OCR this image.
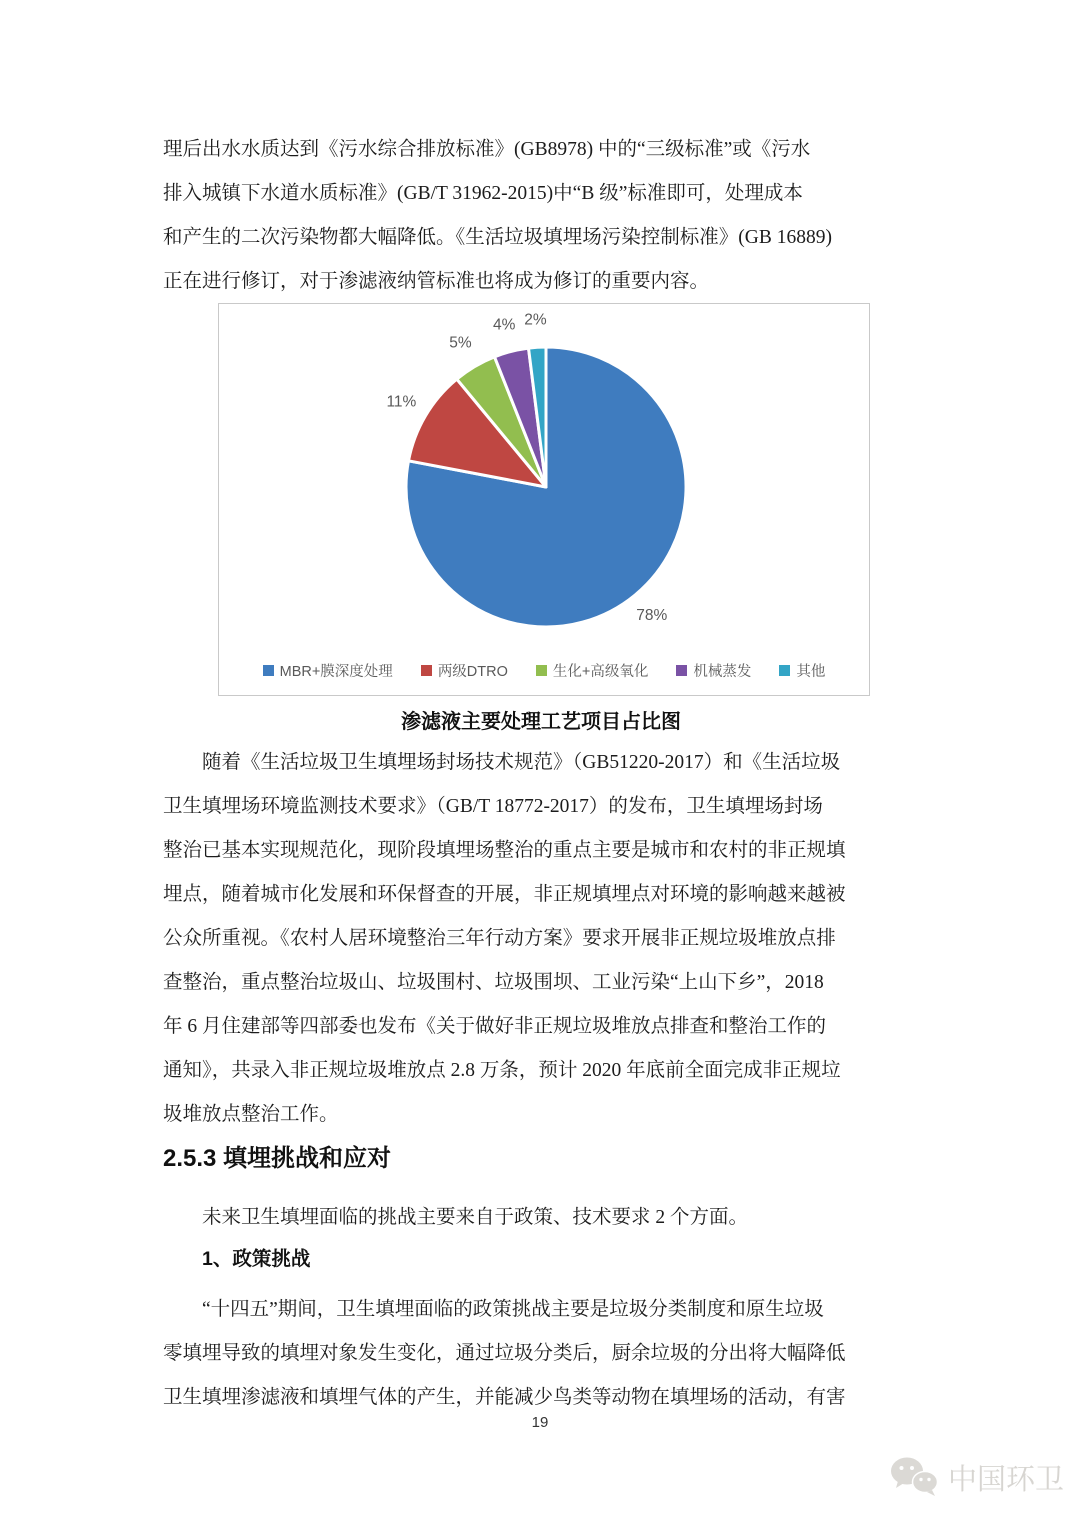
理后出水水质达到《污水综合排放标准》(GB8978) 中的“三级标准”或《污水
排入城镇下水道水质标准》(GB/T 31962-2015)中“B 级”标准即可，处理成本
和产生的二次污染物都大幅降低。《生活垃圾填埋场污染控制标准》(GB 16889)
正在进行修订，对于渗滤液纳管标准也将成为修订的重要内容。
78%
11%
5%
4% 2%
MBR+膜深度处理	两级DTRO	生化+高级氧化	机械蒸发	其他
渗滤液主要处理工艺项目占比图
随着《生活垃圾卫生填埋场封场技术规范》（GB51220-2017）和《生活垃圾
卫生填埋场环境监测技术要求》（GB/T 18772-2017）的发布，卫生填埋场封场
整治已基本实现规范化，现阶段填埋场整治的重点主要是城市和农村的非正规填
埋点，随着城市化发展和环保督查的开展，非正规填埋点对环境的影响越来越被
公众所重视。《农村人居环境整治三年行动方案》要求开展非正规垃圾堆放点排
查整治，重点整治垃圾山、垃圾围村、垃圾围坝、工业污染“上山下乡”，2018
年 6 月住建部等四部委也发布《关于做好非正规垃圾堆放点排查和整治工作的
通知》，共录入非正规垃圾堆放点 2.8 万条，预计 2020 年底前全面完成非正规垃
圾堆放点整治工作。
2.5.3 填埋挑战和应对
未来卫生填埋面临的挑战主要来自于政策、技术要求 2 个方面。
1、政策挑战
“十四五”期间，卫生填埋面临的政策挑战主要是垃圾分类制度和原生垃圾
零填埋导致的填埋对象发生变化，通过垃圾分类后，厨余垃圾的分出将大幅降低
卫生填埋渗滤液和填埋气体的产生，并能减少鸟类等动物在填埋场的活动，有害
19
中国环卫
